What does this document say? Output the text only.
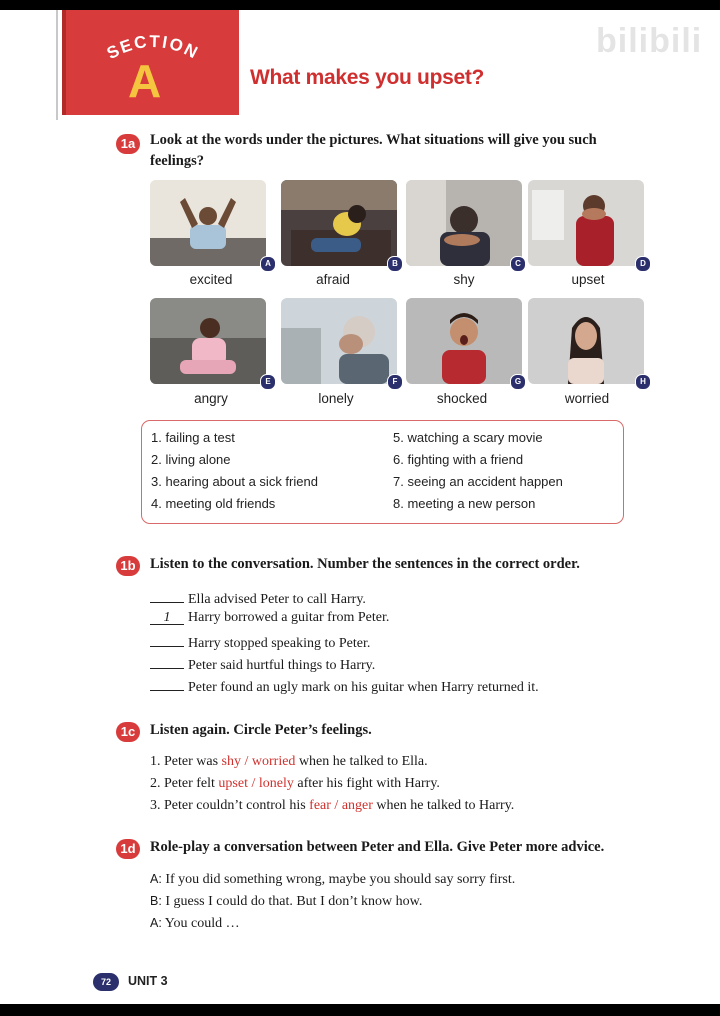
SECTION
A	What makes you upset?
bilibili
1a	Look at the words under the pictures. What situations will give you such feelings?
A	B	C	D
excited	afraid	shy	upset
E	F	G	H
angry	lonely	shocked	worried
1. failing a test
2. living alone
3. hearing about a sick friend
4. meeting old friends
5. watching a scary movie
6. fighting with a friend
7. seeing an accident happen
8. meeting a new person
1b Listen to the conversation. Number the sentences in the correct order.
Ella advised Peter to call Harry.
1 Harry borrowed a guitar from Peter.
Harry stopped speaking to Peter.
Peter said hurtful things to Harry.
Peter found an ugly mark on his guitar when Harry returned it.
1c	Listen again. Circle Peter’s feelings.
1. Peter was shy / worried when he talked to Ella.
2. Peter felt upset / lonely after his fight with Harry.
3. Peter couldn’t control his fear / anger when he talked to Harry.
1d Role-play a conversation between Peter and Ella. Give Peter more advice.
A: If you did something wrong, maybe you should say sorry first.
B: I guess I could do that. But I don’t know how.
A: You could …
72	UNIT 3
